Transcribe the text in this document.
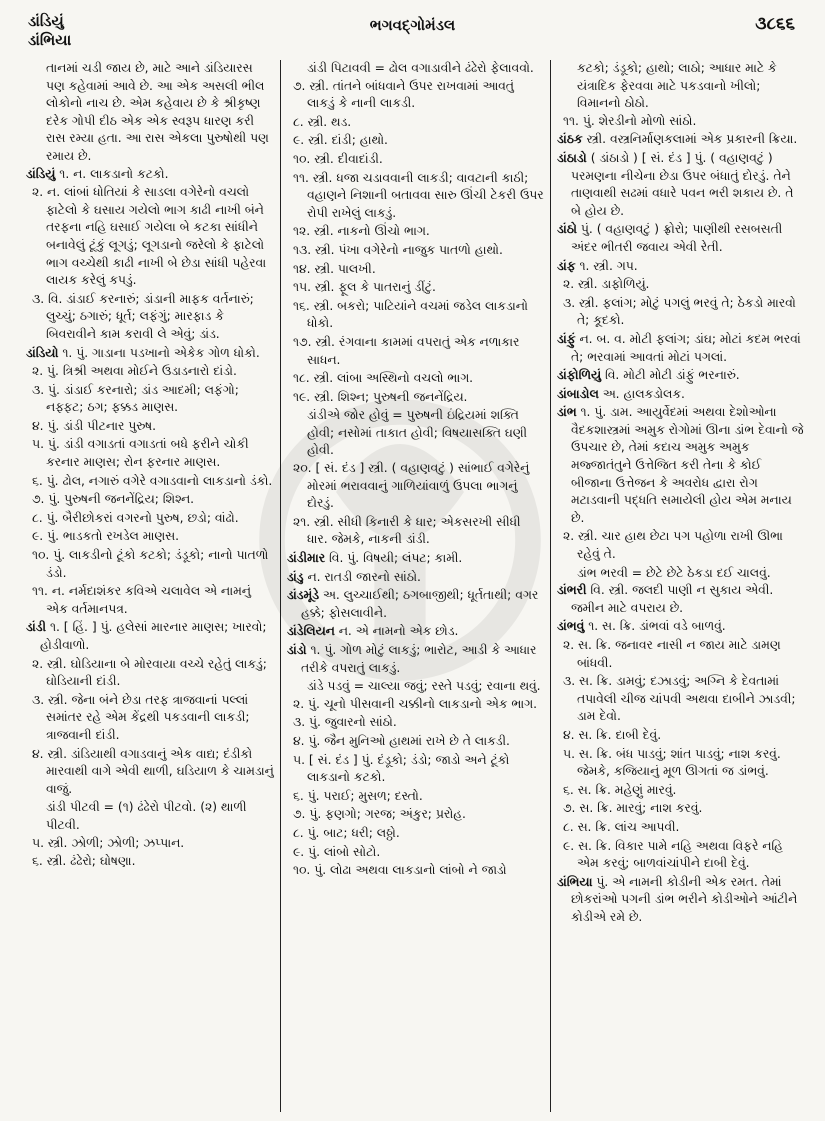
ડાંડિયું
ડાંભિયા
ભગવદ્ગોમંડલ	૩૮૬૬
તાનમાં ચડી જાય છે, માટે આને ડાંડિયારસ પણ કહેવામાં આવે છે. આ એક અસલી ભીલ લોકોનો નાચ છે. એમ કહેવાય છે કે શ્રીકૃષ્ણ દરેક ગોપી દીઠ એક એક સ્વરૂપ ધારણ કરી રાસ રમ્યા હતા. આ રાસ એકલા પુરુષોથી પણ રમાય છે.
ડાંડિયું ૧. ન. લાકડાનો કટકો.
૨. ન. લાંબાં ધોતિયાં કે સાડલા વગેરેનો વચલો ફાટેલો કે ઘસાય ગયેલો ભાગ કાઢી નાખી બંને તરફના નહિ ઘસાઈ ગયેલા બે કટકા સાંધીને બનાવેલું ટૂંકું લૂગડું; લૂગડાનો જરેલો કે ફાટેલો ભાગ વચ્ચેથી કાઢી નાખી બે છેડા સાંધી પહેરવા લાયક કરેલું કપડું.
૩. વિ. ડાંડાઈ કરનારું; ડાંડાની માફક વર્તનારું; લુચ્ચું; ઠગારું; ધૂર્ત; લફંગું; મારફાડ કે બિવરાવીને કામ કરાવી લે એવું; ડાંડ.
ડાંડિયો ૧. પું. ગાડાના પડખાનો એકેક ગોળ ધોકો.
૨. પું. ત્રિશ્રી અથવા મોઈને ઉડાડનારો દાંડો.
૩. પું. ડાંડાઈ કરનારો; ડાંડ આદમી; લફંગો; નફ્ફટ; ઠગ; ફક્કડ માણસ.
૪. પું. ડાંડી પીટનાર પુરુષ.
૫. પું. ડાંડી વગાડતાં વગાડતાં બધે ફરીને ચોકી કરનાર માણસ; રોન ફરનાર માણસ.
૬. પું. ઢોલ, નગારું વગેરે વગાડવાનો લાકડાનો ડંકો.
૭. પું. પુરુષની જનનેંદ્રિય; શિશ્ન.
૮. પું. બૈરીછોકરાં વગરનો પુરુષ, છડો; વાંઢો.
૯. પું. ભાડકતો રખડેલ માણસ.
૧૦. પું. લાકડીનો ટૂંકો કટકો; ડંડૂકો; નાનો પાતળો ડંડો.
૧૧. ન. નર્મદાશંકર કવિએ ચલાવેલ એ નામનું એક વર્તમાનપત્ર.
ડાંડી ૧. [ હિં. ] પું. હલેસાં મારનાર માણસ; ખારવો; હોડીવાળો.
૨. સ્ત્રી. ઘોડિયાના બે મોરવાયા વચ્ચે રહેતું લાકડું; ઘોડિયાની દાંડી.
૩. સ્ત્રી. જેના બંને છેડા તરફ ત્રાજવાનાં પલ્લાં સમાંતર રહે એમ કેંદ્રથી પકડવાની લાકડી; ત્રાજવાની દાંડી.
૪. સ્ત્રી. ડાંડિયાથી વગાડવાનું એક વાદ્ય; દંડીકો મારવાથી વાગે એવી થાળી, ઘડિયાળ કે ચામડાનું વાજું.
ડાંડી પીટવી = (૧) ઢંઢેરો પીટવો. (૨) થાળી પીટવી.
૫. સ્ત્રી. ઝોળી; ઝોળી; ઝપ્પાન.
૬. સ્ત્રી. ઢંઢેરો; ઘોષણા.
ડાંડી પિટાવવી = ઢોલ વગાડાવીને ઢંઢેરો ફેલાવવો.
૭. સ્ત્રી. તાંતને બાંધવાને ઉપર રાખવામાં આવતું લાકડું કે નાની લાકડી.
૮. સ્ત્રી. થડ.
૯. સ્ત્રી. દાંડી; હાથો.
૧૦. સ્ત્રી. દીવાદાંડી.
૧૧. સ્ત્રી. ધજા ચડાવવાની લાકડી; વાવટાની કાઠી; વહાણને નિશાની બતાવવા સારુ ઊંચી ટેકરી ઉપર રોપી રાખેલું લાકડું.
૧૨. સ્ત્રી. નાકનો ઊંચો ભાગ.
૧૩. સ્ત્રી. પંખા વગેરેનો નાજુક પાતળો હાથો.
૧૪. સ્ત્રી. પાલખી.
૧૫. સ્ત્રી. ફૂલ કે પાતરાનું ડીંટું.
૧૬. સ્ત્રી. બકરો; પાટિયાંને વચમાં જડેલ લાકડાનો ધોકો.
૧૭. સ્ત્રી. રંગવાના કામમાં વપરાતું એક નળાકાર સાધન.
૧૮. સ્ત્રી. લાંબા અસ્થિનો વચલો ભાગ.
૧૯. સ્ત્રી. શિશ્ન; પુરુષની જનનેંદ્રિય.
ડાંડીએ જોર હોવું = પુરુષની ઇંદ્રિયમાં શક્તિ હોવી; નસોમાં તાકાત હોવી; વિષયાસક્તિ ઘણી હોવી.
૨૦. [ સં. દંડ ] સ્ત્રી. ( વહાણવટું ) સાંભાઈ વગેરેનું મોરમાં ભરાવવાનું ગાળિયાંવાળું ઉપલા ભાગનું દોરડું.
૨૧. સ્ત્રી. સીધી કિનારી કે ધાર; એકસરખી સીધી ધાર. જેમકે, નાકની ડાંડી.
ડાંડીમાર વિ. પું. વિષયી; લંપટ; કામી.
ડાંડુ ન. રાતડી જારનો સાંઠો.
ડાંડમૂંડે અ. લુચ્ચાઈથી; ઠગબાજીથી; ધૂર્તતાથી; વગર હક્કે; ફોસલાવીને.
ડાંડેલિયન ન. એ નામનો એક છોડ.
ડાંડો ૧. પું. ગોળ મોટું લાકડું; ભારોટ, આડી કે આધાર તરીકે વપરાતું લાકડું.
ડાંડે પડવું = ચાલ્યા જવું; રસ્તે પડવું; રવાના થવું.
૨. પું. ચૂનો પીસવાની ચક્કીનો લાકડાનો એક ભાગ.
૩. પું. જુવારનો સાંઠો.
૪. પું. જૈન મુનિઓ હાથમાં રાખે છે તે લાકડી.
૫. [ સં. દંડ ] પું. દંડૂકો; ડંડો; જાડો અને ટૂંકો લાકડાનો કટકો.
૬. પું. પરાઈ; મુસળ; દસ્તો.
૭. પું. ફણગો; ગરજ; અંકુર; પ્રરોહ.
૮. પું. બાટ; ધરી; લઠ્ઠો.
૯. પું. લાંબો સોટો.
૧૦. પું. લોઢા અથવા લાકડાનો લાંબો ને જાડો
કટકો; ડંડૂકો; હાથો; લાઠો; આધાર માટે કે યંત્રાદિક ફેરવવા માટે પકડવાનો ખીલો; વિમાનનો ઠોઠો.
૧૧. પું. શેરડીનો મોળો સાંઠો.
ડાંઠક સ્ત્રી. વસ્ત્રનિર્માણકલામાં એક પ્રકારની ક્રિયા.
ડાંઠાડો ( ડાંઠાડો ) [ સં. દંડ ] પું. ( વહાણવટું ) પરમણના નીચેના છેડા ઉપર બંધાતું દોરડું. તેને તાણવાથી સઢમાં વધારે પવન ભરી શકાય છે. તે બે હોય છે.
ડાંઠો પું. ( વહાણવટું ) ફ્રોરો; પાણીથી રસબસતી અંદર ભીતરી જવાય એવી રેતી.
ડાંફ ૧. સ્ત્રી. ગપ.
૨. સ્ત્રી. ડાફોળિયું.
૩. સ્ત્રી. ફલાંગ; મોટું પગલું ભરવું તે; ઠેકડો મારવો તે; કૂદકો.
ડાંફું ન. બ. વ. મોટી ફલાંગ; ડાંઘ; મોટાં કદમ ભરવાં તે; ભરવામાં આવતાં મોટાં પગલાં.
ડાંફોળિયું વિ. મોટી મોટી ડાંફું ભરનારું.
ડાંબાડોલ અ. હાલકડોલક.
ડાંભ ૧. પું. ડામ. આયુર્વેદમાં અથવા દેશોઓના વૈદકશાસ્ત્રમાં અમુક રોગોમાં ઊના ડાંભ દેવાનો જે ઉપચાર છે, તેમાં કદાચ અમુક અમુક મજ્જાતંતુને ઉત્તેજિત કરી તેના કે કોઈ બીજાના ઉત્તેજન કે અવરોધ દ્વારા રોગ મટાડવાની પદ્ધતિ સમાયેલી હોય એમ મનાય છે.
૨. સ્ત્રી. ચાર હાથ છેટા પગ પહોળા રાખી ઊભા રહેવું તે.
ડાંભ ભરવી = છેટે છેટે ઠેકડા દઈ ચાલવું.
ડાંભરી વિ. સ્ત્રી. જલદી પાણી ન સુકાય એવી. જમીન માટે વપરાય છે.
ડાંભવું ૧. સ. ક્રિ. ડાંભવાં વડે બાળવું.
૨. સ. ક્રિ. જનાવર નાસી ન જાય માટે ડામણ બાંધવી.
૩. સ. ક્રિ. ડામવું; દઝાડવું; અગ્નિ કે દેવતામાં તપાવેલી ચીજ ચાંપવી અથવા દાબીને ઝાડવી; ડામ દેવો.
૪. સ. ક્રિ. દાબી દેવું.
૫. સ. ક્રિ. બંધ પાડવું; શાંત પાડવું; નાશ કરવું. જેમકે, કજિયાનું મૂળ ઊગતાં જ ડાંભવું.
૬. સ. ક્રિ. મહેણું મારવું.
૭. સ. ક્રિ. મારવું; નાશ કરવું.
૮. સ. ક્રિ. લાંચ આપવી.
૯. સ. ક્રિ. વિકાર પામે નહિ અથવા વિફરે નહિ એમ કરવું; બાળવાંચાંપીને દાબી દેવું.
ડાંભિયા પું. એ નામની કોડીની એક રમત. તેમાં છોકરાંઓ પગની ડાંભ ભરીને કોડીઓને આંટીને કોડીએ રમે છે.
